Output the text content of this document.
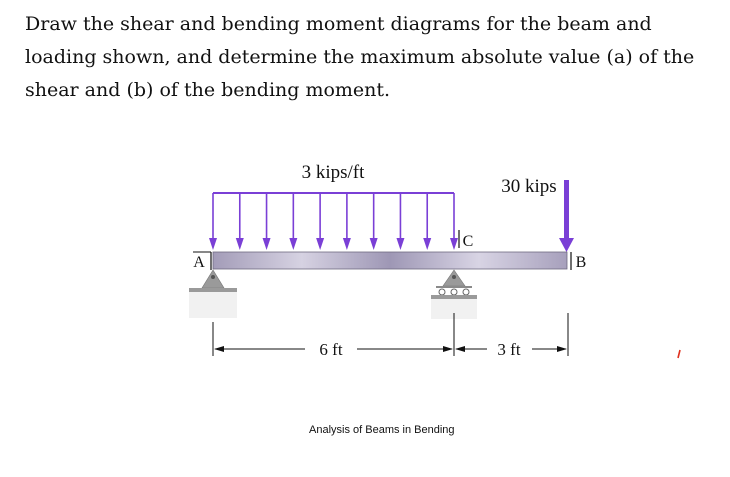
Draw the shear and bending moment diagrams for the beam and

loading shown, and determine the maximum absolute value (a) of the

shear and (b) of the bending moment.

3 kips/ft
30 kips
A
C
B
6 ft	3 ft
Analysis of Beams in Bending
